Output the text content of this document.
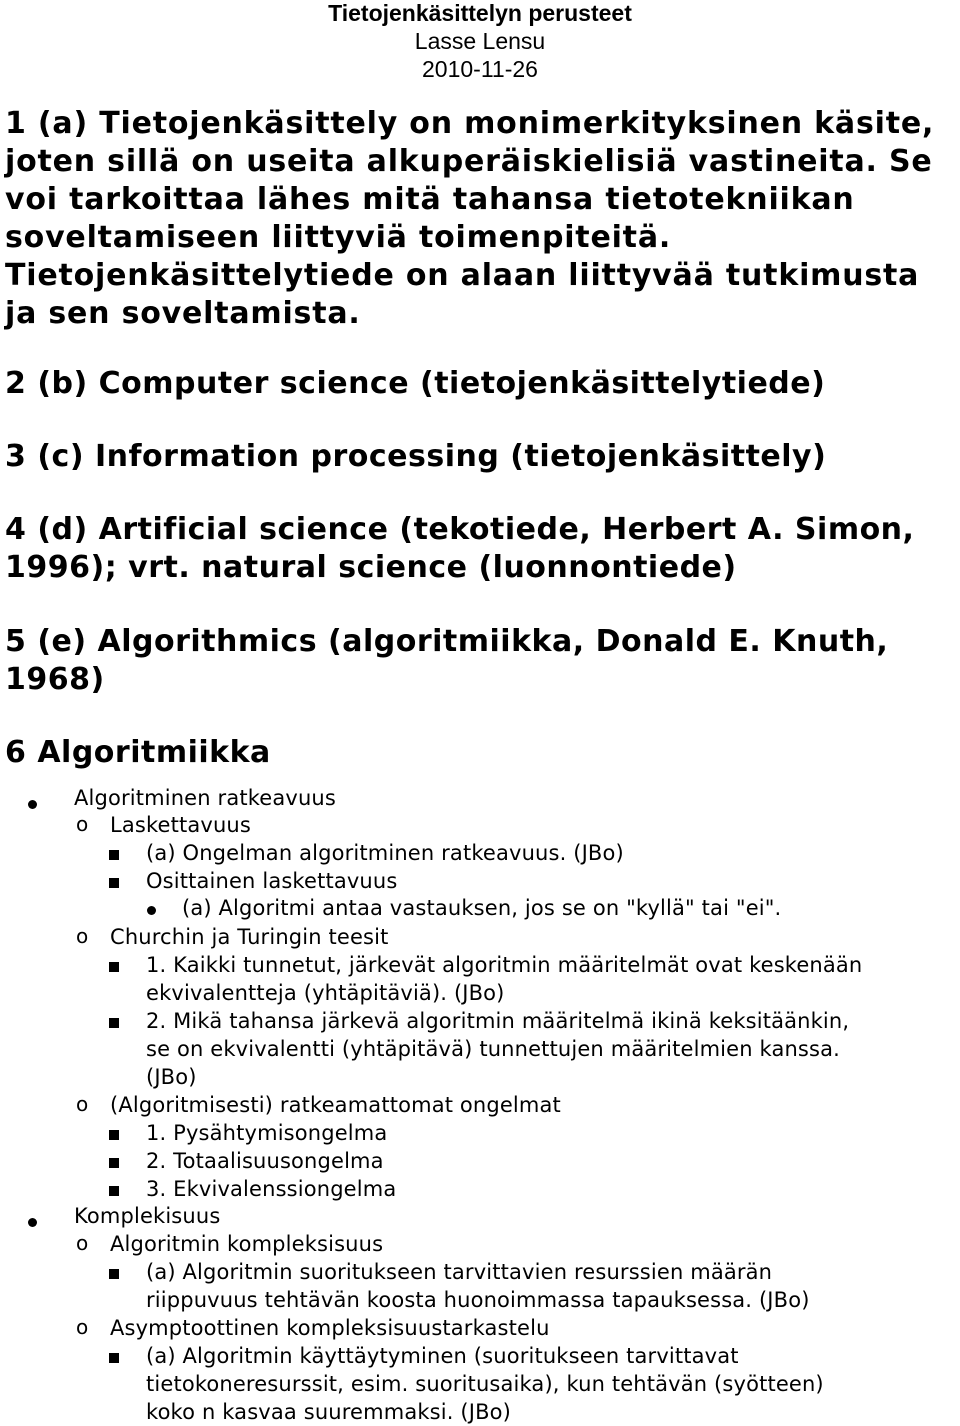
Tietojenkäsittelyn perusteet
Lasse Lensu
2010-11-26
1 (a) Tietojenkäsittely on monimerkityksinen käsite,
joten sillä on useita alkuperäiskielisiä vastineita. Se
voi tarkoittaa lähes mitä tahansa tietotekniikan
soveltamiseen liittyviä toimenpiteitä.
Tietojenkäsittelytiede on alaan liittyvää tutkimusta
ja sen soveltamista.
2 (b) Computer science (tietojenkäsittelytiede)
3 (c) Information processing (tietojenkäsittely)
4 (d) Artificial science (tekotiede, Herbert A. Simon,
1996); vrt. natural science (luonnontiede)
5 (e) Algorithmics (algoritmiikka, Donald E. Knuth,
1968)
6 Algoritmiikka
Algoritminen ratkeavuus
o Laskettavuus
(a) Ongelman algoritminen ratkeavuus. (JBo)
Osittainen laskettavuus
(a) Algoritmi antaa vastauksen, jos se on "kyllä" tai "ei".
o Churchin ja Turingin teesit
1. Kaikki tunnetut, järkevät algoritmin määritelmät ovat keskenään
ekvivalentteja (yhtäpitäviä). (JBo)
2. Mikä tahansa järkevä algoritmin määritelmä ikinä keksitäänkin,
se on ekvivalentti (yhtäpitävä) tunnettujen määritelmien kanssa.
(JBo)
o (Algoritmisesti) ratkeamattomat ongelmat
1. Pysähtymisongelma
2. Totaalisuusongelma
3. Ekvivalenssiongelma
Komplekisuus
o Algoritmin kompleksisuus
(a) Algoritmin suoritukseen tarvittavien resurssien määrän
riippuvuus tehtävän koosta huonoimmassa tapauksessa. (JBo)
o Asymptoottinen kompleksisuustarkastelu
(a) Algoritmin käyttäytyminen (suoritukseen tarvittavat
tietokoneresurssit, esim. suoritusaika), kun tehtävän (syötteen)
koko n kasvaa suuremmaksi. (JBo)
